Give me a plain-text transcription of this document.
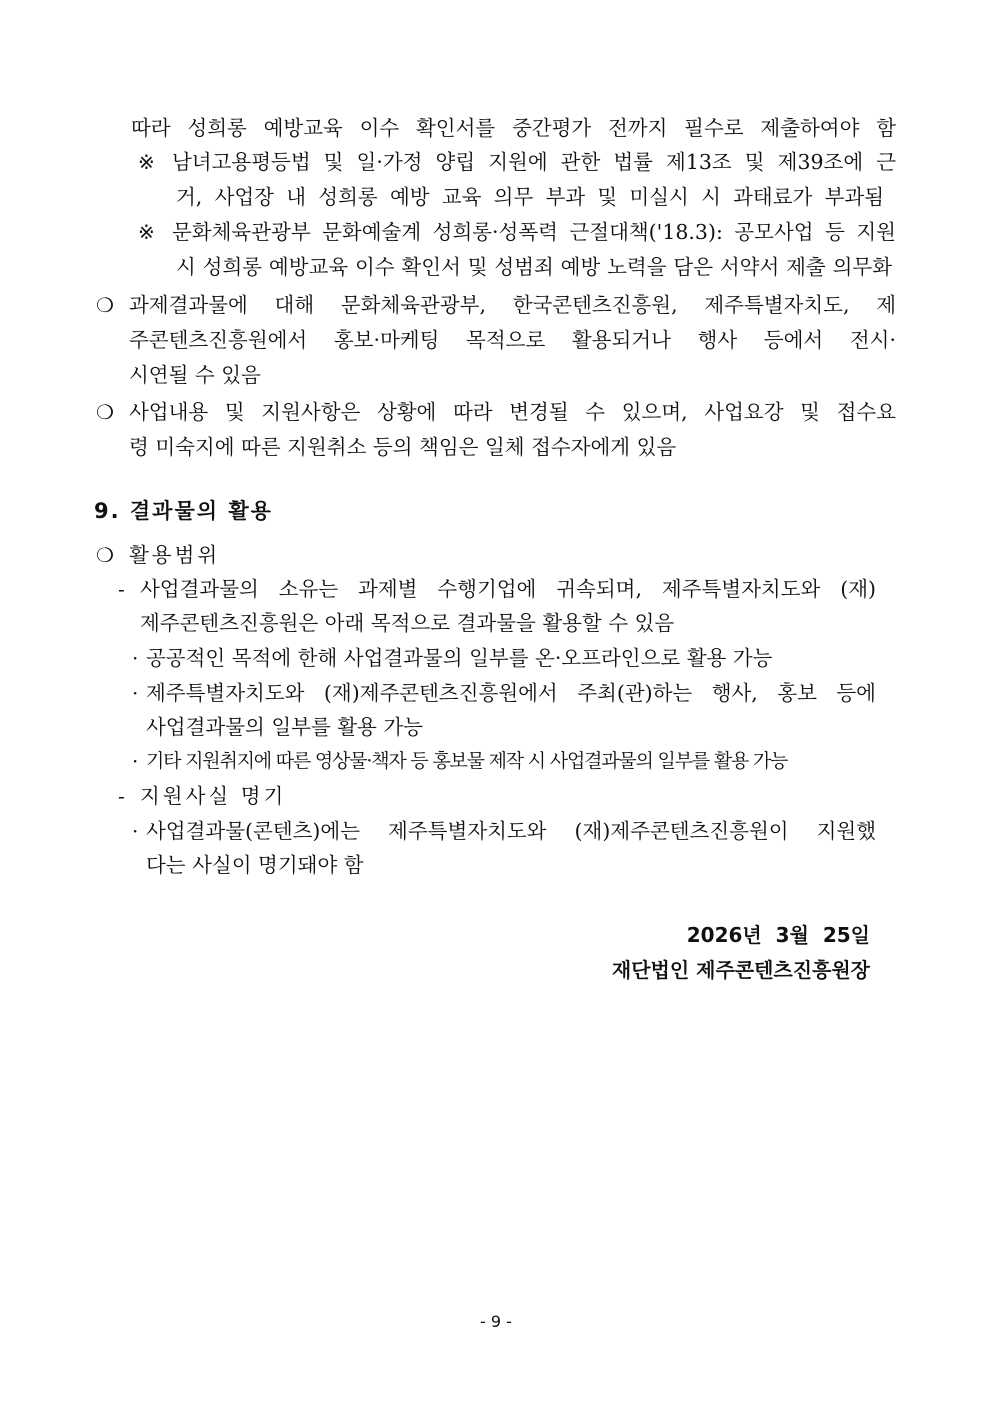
따라 성희롱 예방교육 이수 확인서를 중간평가 전까지 필수로 제출하여야 함
※ 남녀고용평등법 및 일·가정 양립 지원에 관한 법률 제13조 및 제39조에 근
거, 사업장 내 성희롱 예방 교육 의무 부과 및 미실시 시 과태료가 부과됨
※ 문화체육관광부 문화예술계 성희롱·성폭력 근절대책('18.3): 공모사업 등 지원
시 성희롱 예방교육 이수 확인서 및 성범죄 예방 노력을 담은 서약서 제출 의무화
❍ 과제결과물에 대해 문화체육관광부, 한국콘텐츠진흥원, 제주특별자치도, 제
주콘텐츠진흥원에서 홍보·마케팅 목적으로 활용되거나 행사 등에서 전시·
시연될 수 있음
❍ 사업내용 및 지원사항은 상황에 따라 변경될 수 있으며, 사업요강 및 접수요
령 미숙지에 따른 지원취소 등의 책임은 일체 접수자에게 있음
9. 결과물의 활용
❍ 활용범위
- 사업결과물의 소유는 과제별 수행기업에 귀속되며, 제주특별자치도와 (재)
제주콘텐츠진흥원은 아래 목적으로 결과물을 활용할 수 있음
· 공공적인 목적에 한해 사업결과물의 일부를 온·오프라인으로 활용 가능
· 제주특별자치도와 (재)제주콘텐츠진흥원에서 주최(관)하는 행사, 홍보 등에
사업결과물의 일부를 활용 가능
· 기타 지원취지에 따른 영상물·책자 등 홍보물 제작 시 사업결과물의 일부를 활용 가능
- 지원사실 명기
· 사업결과물(콘텐츠)에는 제주특별자치도와 (재)제주콘텐츠진흥원이 지원했
다는 사실이 명기돼야 함
2026년  3월  25일
재단법인 제주콘텐츠진흥원장
- 9 -
